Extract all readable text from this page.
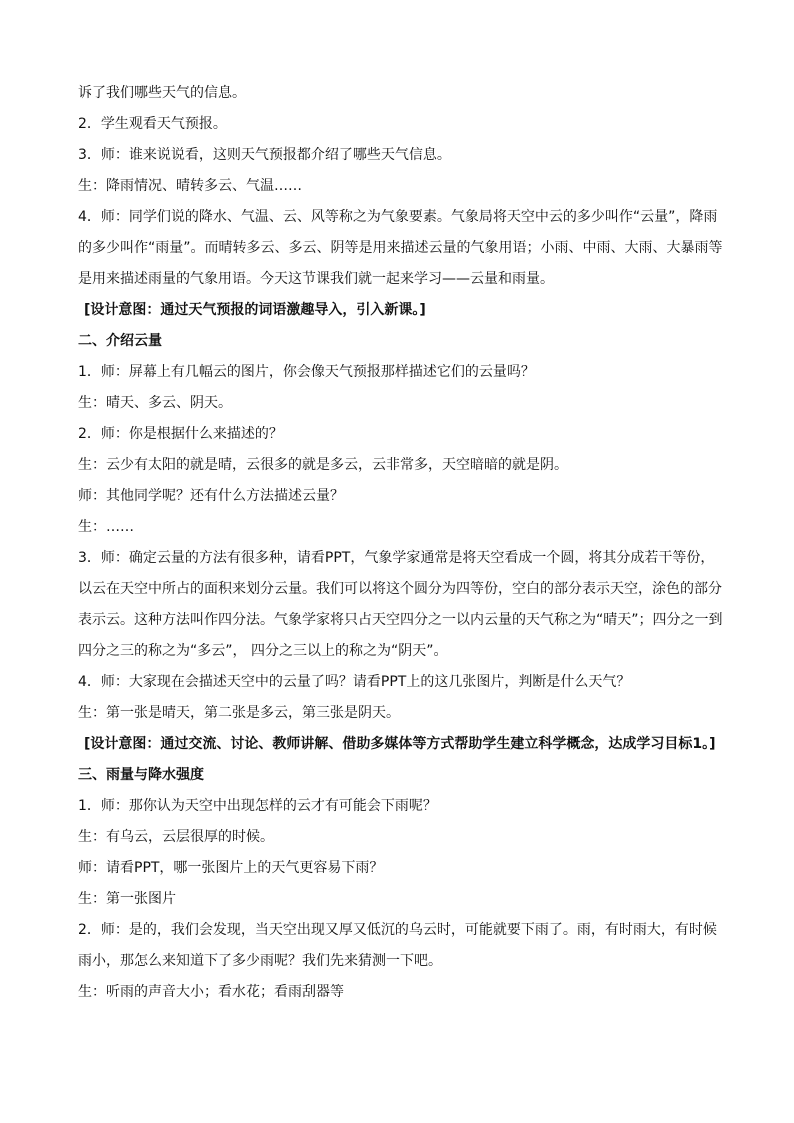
诉了我们哪些天气的信息。

2．学生观看天气预报。

3．师：谁来说说看，这则天气预报都介绍了哪些天气信息。

生：降雨情况、晴转多云、气温……

4．师：同学们说的降水、气温、云、风等称之为气象要素。气象局将天空中云的多少叫作“云量”，降雨的多少叫作“雨量”。而晴转多云、多云、阴等是用来描述云量的气象用语；小雨、中雨、大雨、大暴雨等是用来描述雨量的气象用语。今天这节课我们就一起来学习——云量和雨量。

[设计意图：通过天气预报的词语激趣导入，引入新课。]

二、介绍云量

1．师：屏幕上有几幅云的图片，你会像天气预报那样描述它们的云量吗？

生：晴天、多云、阴天。

2．师：你是根据什么来描述的？

生：云少有太阳的就是晴，云很多的就是多云，云非常多，天空暗暗的就是阴。

师：其他同学呢？还有什么方法描述云量？

生：……

3．师：确定云量的方法有很多种，请看PPT，气象学家通常是将天空看成一个圆，将其分成若干等份，以云在天空中所占的面积来划分云量。我们可以将这个圆分为四等份，空白的部分表示天空，涂色的部分表示云。这种方法叫作四分法。气象学家将只占天空四分之一以内云量的天气称之为“晴天”；四分之一到四分之三的称之为“多云”， 四分之三以上的称之为“阴天”。

4．师：大家现在会描述天空中的云量了吗？请看PPT上的这几张图片，判断是什么天气？

生：第一张是晴天，第二张是多云，第三张是阴天。

[设计意图：通过交流、讨论、教师讲解、借助多媒体等方式帮助学生建立科学概念，达成学习目标1。]

三、雨量与降水强度

1．师：那你认为天空中出现怎样的云才有可能会下雨呢？

生：有乌云，云层很厚的时候。

师：请看PPT，哪一张图片上的天气更容易下雨？

生：第一张图片

2．师：是的，我们会发现，当天空出现又厚又低沉的乌云时，可能就要下雨了。雨，有时雨大，有时候雨小，那怎么来知道下了多少雨呢？我们先来猜测一下吧。

生：听雨的声音大小；看水花；看雨刮器等
